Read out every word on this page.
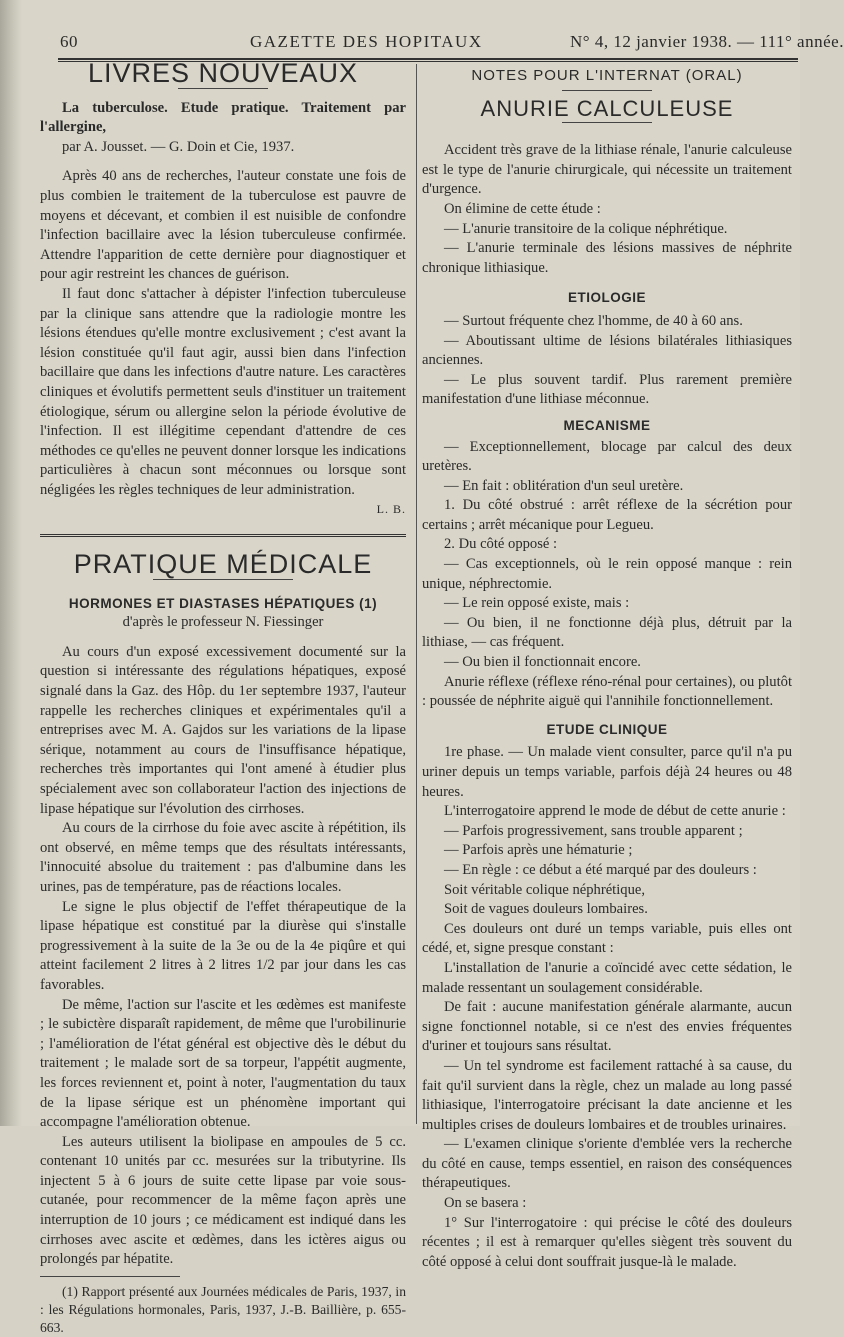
60	GAZETTE DES HOPITAUX	N° 4, 12 janvier 1938. — 111° année.
LIVRES NOUVEAUX

La tuberculose. Etude pratique. Traitement par l'allergine,

par A. Jousset. — G. Doin et Cie, 1937.

Après 40 ans de recherches, l'auteur constate une fois de plus combien le traitement de la tuberculose est pauvre de moyens et décevant, et combien il est nuisible de confondre l'infection bacillaire avec la lésion tuberculeuse confirmée. Attendre l'apparition de cette dernière pour diagnostiquer et pour agir restreint les chances de guérison.

Il faut donc s'attacher à dépister l'infection tuberculeuse par la clinique sans attendre que la radiologie montre les lésions étendues qu'elle montre exclusivement ; c'est avant la lésion constituée qu'il faut agir, aussi bien dans l'infection bacillaire que dans les infections d'autre nature. Les caractères cliniques et évolutifs permettent seuls d'instituer un traitement étiologique, sérum ou allergine selon la période évolutive de l'infection. Il est illégitime cependant d'attendre de ces méthodes ce qu'elles ne peuvent donner lorsque les indications particulières à chacun sont méconnues ou lorsque sont négligées les règles techniques de leur administration.

L. B.

PRATIQUE MÉDICALE
HORMONES ET DIASTASES HÉPATIQUES (1)
d'après le professeur N. Fiessinger

Au cours d'un exposé excessivement documenté sur la question si intéressante des régulations hépatiques, exposé signalé dans la Gaz. des Hôp. du 1er septembre 1937, l'auteur rappelle les recherches cliniques et expérimentales qu'il a entreprises avec M. A. Gajdos sur les variations de la lipase sérique, notamment au cours de l'insuffisance hépatique, recherches très importantes qui l'ont amené à étudier plus spécialement avec son collaborateur l'action des injections de lipase hépatique sur l'évolution des cirrhoses.

Au cours de la cirrhose du foie avec ascite à répétition, ils ont observé, en même temps que des résultats intéressants, l'innocuité absolue du traitement : pas d'albumine dans les urines, pas de température, pas de réactions locales.

Le signe le plus objectif de l'effet thérapeutique de la lipase hépatique est constitué par la diurèse qui s'installe progressivement à la suite de la 3e ou de la 4e piqûre et qui atteint facilement 2 litres à 2 litres 1/2 par jour dans les cas favorables.

De même, l'action sur l'ascite et les œdèmes est manifeste ; le subictère disparaît rapidement, de même que l'urobilinurie ; l'amélioration de l'état général est objective dès le début du traitement ; le malade sort de sa torpeur, l'appétit augmente, les forces reviennent et, point à noter, l'augmentation du taux de la lipase sérique est un phénomène important qui accompagne l'amélioration obtenue.

Les auteurs utilisent la biolipase en ampoules de 5 cc. contenant 10 unités par cc. mesurées sur la tributyrine. Ils injectent 5 à 6 jours de suite cette lipase par voie sous-cutanée, pour recommencer de la même façon après une interruption de 10 jours ; ce médicament est indiqué dans les cirrhoses avec ascite et œdèmes, dans les ictères aigus ou prolongés par hépatite.

(1) Rapport présenté aux Journées médicales de Paris, 1937, in : les Régulations hormonales, Paris, 1937, J.-B. Baillière, p. 655-663.

NOTES POUR L'INTERNAT (ORAL)
ANURIE CALCULEUSE

Accident très grave de la lithiase rénale, l'anurie calculeuse est le type de l'anurie chirurgicale, qui nécessite un traitement d'urgence.

On élimine de cette étude :

— L'anurie transitoire de la colique néphrétique.

— L'anurie terminale des lésions massives de néphrite chronique lithiasique.

ETIOLOGIE

— Surtout fréquente chez l'homme, de 40 à 60 ans.

— Aboutissant ultime de lésions bilatérales lithiasiques anciennes.

— Le plus souvent tardif. Plus rarement première manifestation d'une lithiase méconnue.

MECANISME

— Exceptionnellement, blocage par calcul des deux uretères.

— En fait : oblitération d'un seul uretère.

1. Du côté obstrué : arrêt réflexe de la sécrétion pour certains ; arrêt mécanique pour Legueu.

2. Du côté opposé :

— Cas exceptionnels, où le rein opposé manque : rein unique, néphrectomie.

— Le rein opposé existe, mais :

— Ou bien, il ne fonctionne déjà plus, détruit par la lithiase, — cas fréquent.

— Ou bien il fonctionnait encore.

Anurie réflexe (réflexe réno-rénal pour certaines), ou plutôt : poussée de néphrite aiguë qui l'annihile fonctionnellement.

ETUDE CLINIQUE

1re phase. — Un malade vient consulter, parce qu'il n'a pu uriner depuis un temps variable, parfois déjà 24 heures ou 48 heures.

L'interrogatoire apprend le mode de début de cette anurie :

— Parfois progressivement, sans trouble apparent ;

— Parfois après une hématurie ;

— En règle : ce début a été marqué par des douleurs :

Soit véritable colique néphrétique,

Soit de vagues douleurs lombaires.

Ces douleurs ont duré un temps variable, puis elles ont cédé, et, signe presque constant :

L'installation de l'anurie a coïncidé avec cette sédation, le malade ressentant un soulagement considérable.

De fait : aucune manifestation générale alarmante, aucun signe fonctionnel notable, si ce n'est des envies fréquentes d'uriner et toujours sans résultat.

— Un tel syndrome est facilement rattaché à sa cause, du fait qu'il survient dans la règle, chez un malade au long passé lithiasique, l'interrogatoire précisant la date ancienne et les multiples crises de douleurs lombaires et de troubles urinaires.

— L'examen clinique s'oriente d'emblée vers la recherche du côté en cause, temps essentiel, en raison des conséquences thérapeutiques.

On se basera :

1° Sur l'interrogatoire : qui précise le côté des douleurs récentes ; il est à remarquer qu'elles siègent très souvent du côté opposé à celui dont souffrait jusque-là le malade.
